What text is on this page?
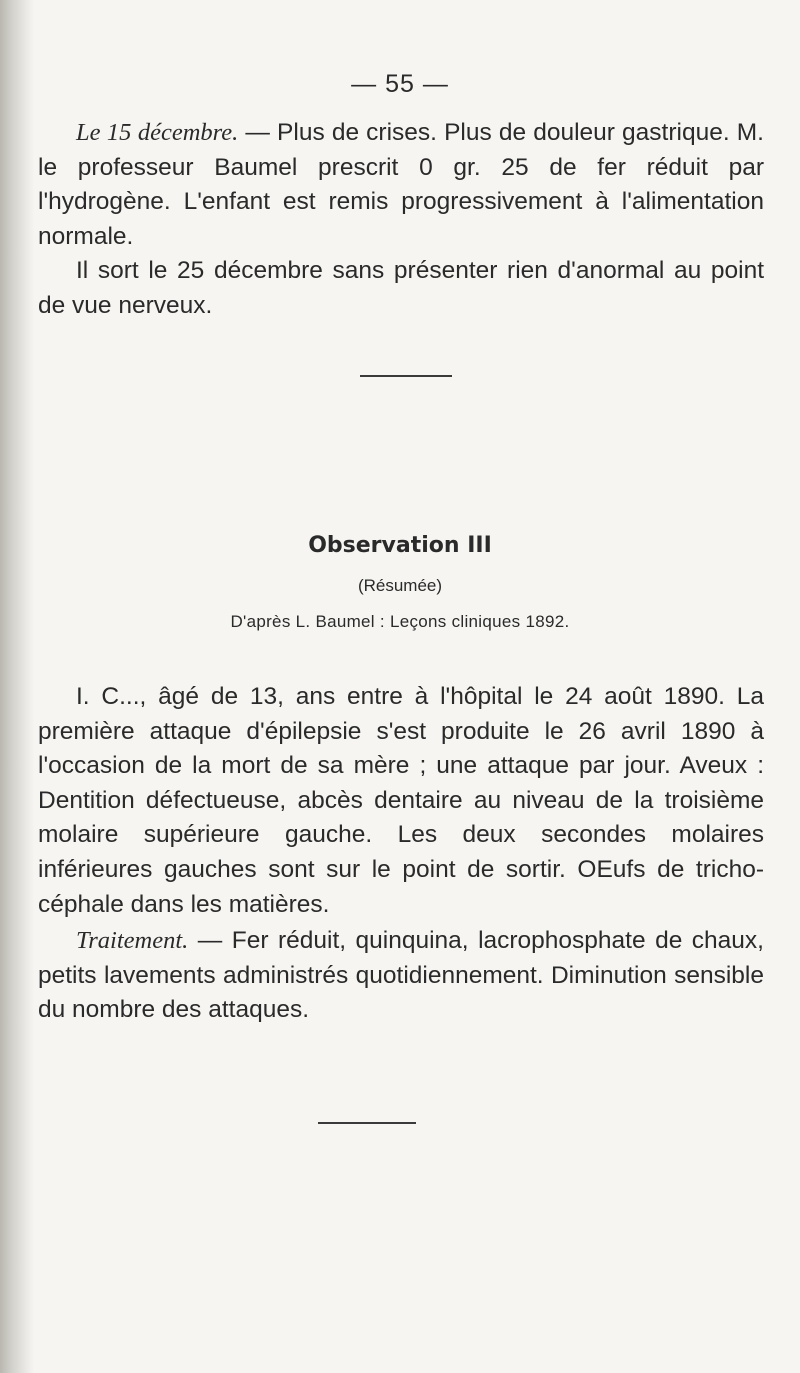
— 55 —

Le 15 décembre. — Plus de crises. Plus de douleur gastrique. M. le professeur Baumel prescrit 0 gr. 25 de fer réduit par l'hydrogène. L'enfant est remis progressivement à l'alimentation normale.

Il sort le 25 décembre sans présenter rien d'anormal au point de vue nerveux.

Observation III
(Résumée)
D'après L. Baumel : Leçons cliniques 1892.

I. C..., âgé de 13, ans entre à l'hôpital le 24 août 1890. La première attaque d'épilepsie s'est produite le 26 avril 1890 à l'occasion de la mort de sa mère ; une attaque par jour. Aveux : Dentition défectueuse, abcès dentaire au niveau de la troisième molaire supérieure gauche. Les deux secondes molaires inférieures gauches sont sur le point de sortir. OEufs de tricho-céphale dans les matières.

Traitement. — Fer réduit, quinquina, lacrophosphate de chaux, petits lavements administrés quotidiennement. Diminution sensible du nombre des attaques.
